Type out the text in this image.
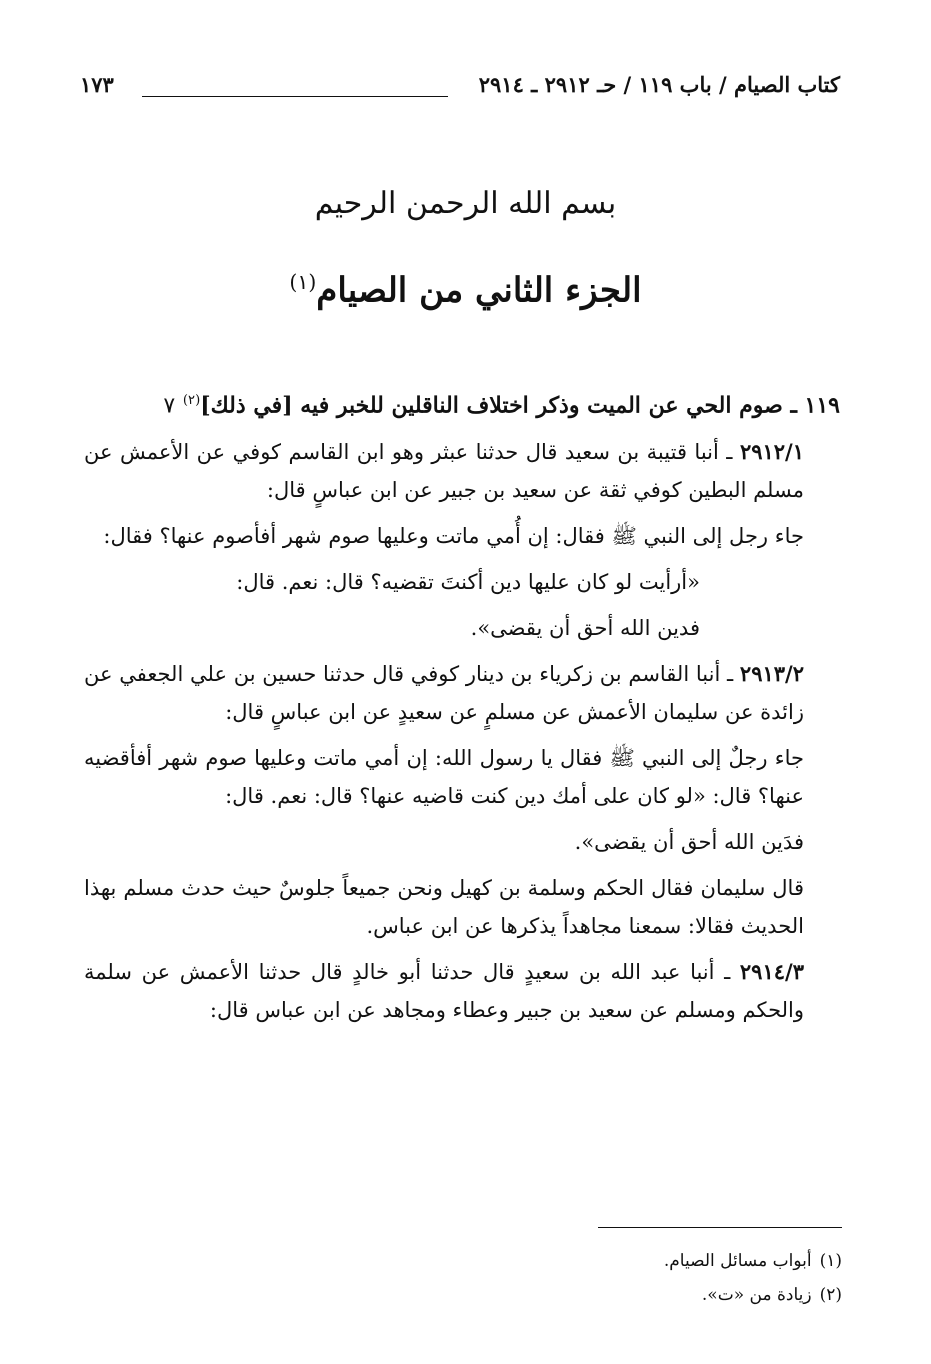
كتاب الصيام / باب ١١٩ / حـ ٢٩١٢ ـ ٢٩١٤
١٧٣
بسم الله الرحمن الرحيم
الجزء الثاني من الصيام$^{(١)}$

١١٩ ـ صوم الحي عن الميت وذكر اختلاف الناقلين للخبر فيه [في ذلك]$^{(٢)}$ ٧

٢٩١٢/١ ـ أنبا قتيبة بن سعيد قال حدثنا عبثر وهو ابن القاسم كوفي عن الأعمش عن مسلم البطين كوفي ثقة عن سعيد بن جبير عن ابن عباسٍ قال:

جاء رجل إلى النبي ﷺ فقال: إن أُمي ماتت وعليها صوم شهر أفأصوم عنها؟ فقال:

«أرأيت لو كان عليها دين أكنتَ تقضيه؟ قال: نعم. قال:

فدين الله أحق أن يقضى».

٢٩١٣/٢ ـ أنبا القاسم بن زكرياء بن دينار كوفي قال حدثنا حسين بن علي الجعفي عن زائدة عن سليمان الأعمش عن مسلمٍ عن سعيدٍ عن ابن عباسٍ قال:

جاء رجلٌ إلى النبي ﷺ فقال يا رسول الله: إن أمي ماتت وعليها صوم شهر أفأقضيه عنها؟ قال: «لو كان على أمك دين كنت قاضيه عنها؟ قال: نعم. قال:

فدَين الله أحق أن يقضى».

قال سليمان فقال الحكم وسلمة بن كهيل ونحن جميعاً جلوسٌ حيث حدث مسلم بهذا الحديث فقالا: سمعنا مجاهداً يذكرها عن ابن عباس.

٢٩١٤/٣ ـ أنبا عبد الله بن سعيدٍ قال حدثنا أبو خالدٍ قال حدثنا الأعمش عن سلمة والحكم ومسلم عن سعيد بن جبير وعطاء ومجاهد عن ابن عباس قال:

(١)أبواب مسائل الصيام.
(٢)زيادة من «ت».
